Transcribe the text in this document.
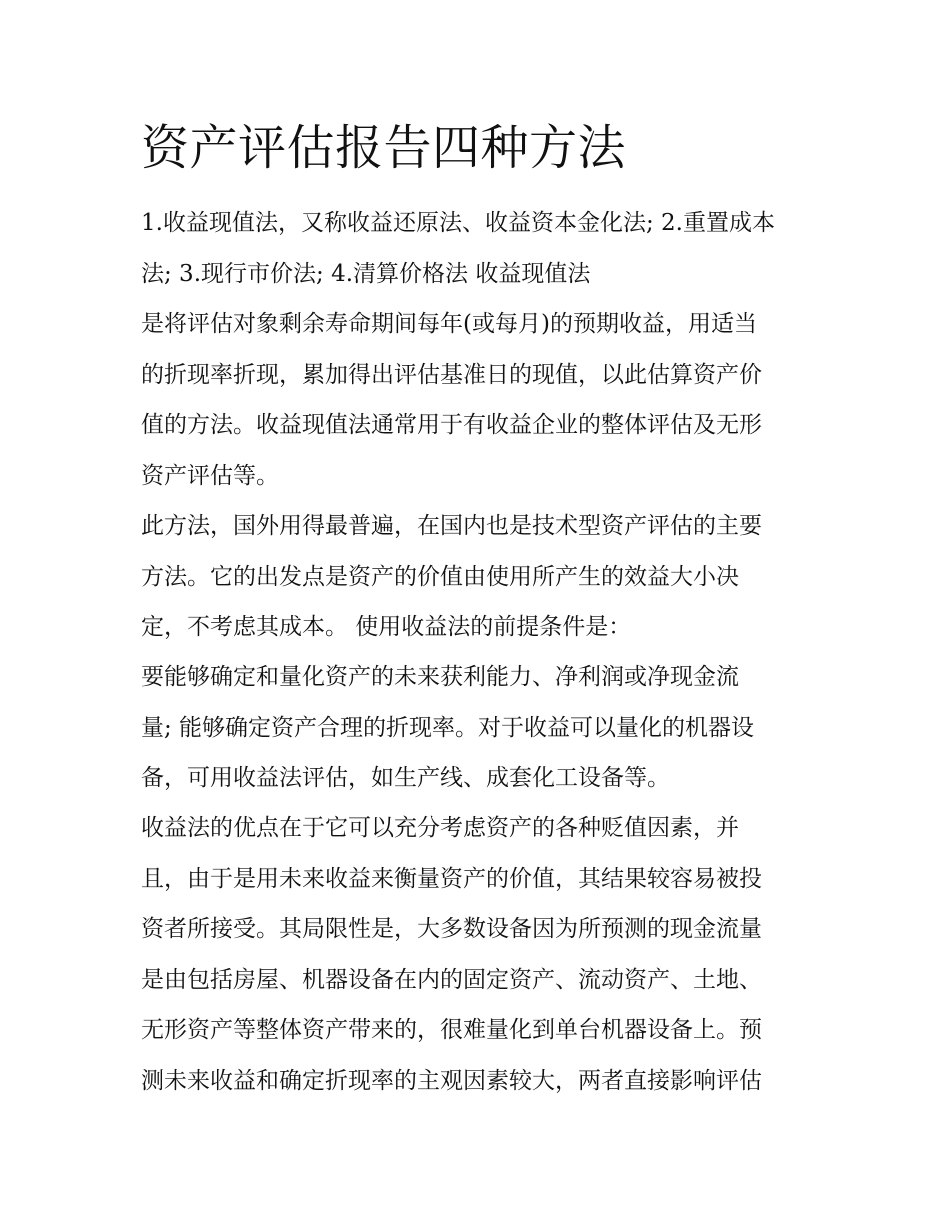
资产评估报告四种方法
1.收益现值法，又称收益还原法、收益资本金化法; 2.重置成本
法; 3.现行市价法; 4.清算价格法 收益现值法
是将评估对象剩余寿命期间每年(或每月)的预期收益，用适当
的折现率折现，累加得出评估基准日的现值，以此估算资产价
值的方法。收益现值法通常用于有收益企业的整体评估及无形
资产评估等。
此方法，国外用得最普遍，在国内也是技术型资产评估的主要
方法。它的出发点是资产的价值由使用所产生的效益大小决
定，不考虑其成本。 使用收益法的前提条件是：
要能够确定和量化资产的未来获利能力、净利润或净现金流
量; 能够确定资产合理的折现率。对于收益可以量化的机器设
备，可用收益法评估，如生产线、成套化工设备等。
收益法的优点在于它可以充分考虑资产的各种贬值因素，并
且，由于是用未来收益来衡量资产的价值，其结果较容易被投
资者所接受。其局限性是，大多数设备因为所预测的现金流量
是由包括房屋、机器设备在内的固定资产、流动资产、土地、
无形资产等整体资产带来的，很难量化到单台机器设备上。预
测未来收益和确定折现率的主观因素较大，两者直接影响评估
